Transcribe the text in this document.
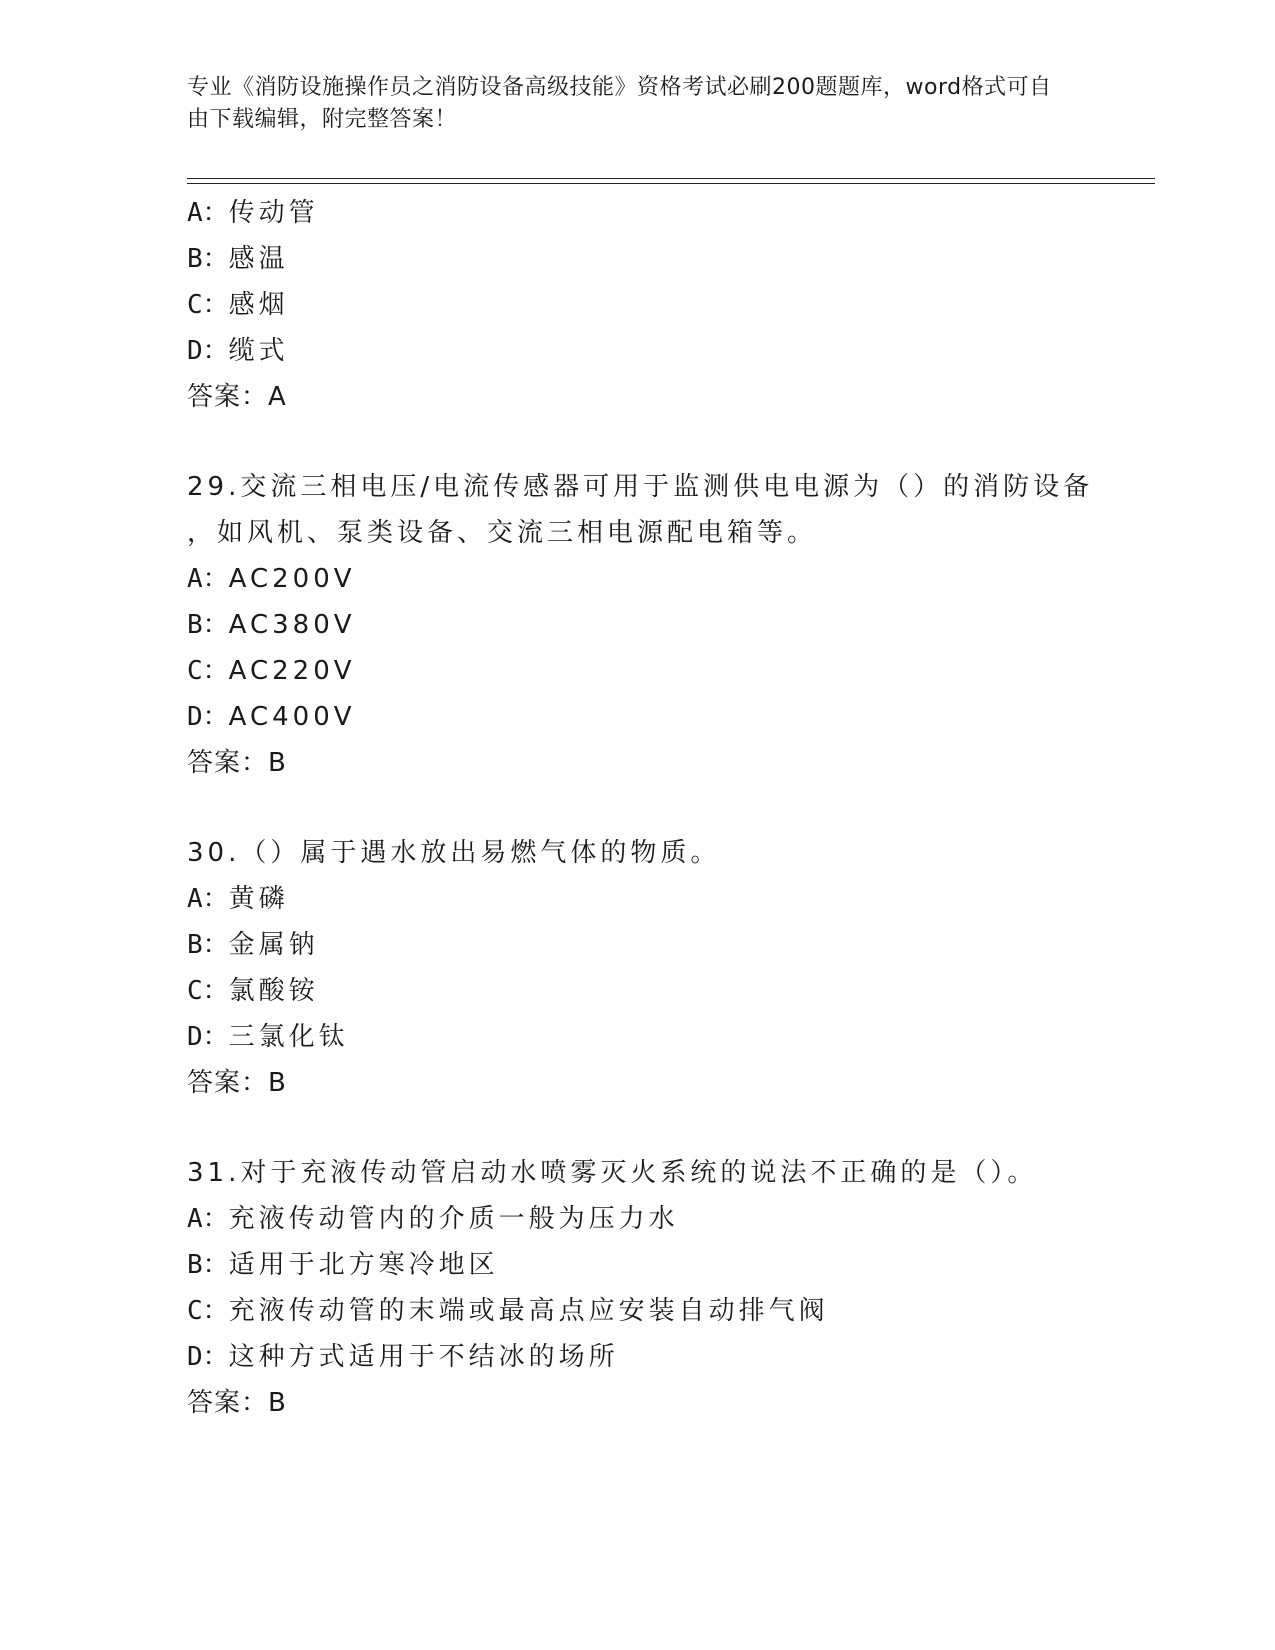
专业《消防设施操作员之消防设备高级技能》资格考试必刷200题题库，word格式可自由下载编辑，附完整答案！
A：传动管
B：感温
C：感烟
D：缆式
答案：A
29.交流三相电压/电流传感器可用于监测供电电源为（）的消防设备
，如风机、泵类设备、交流三相电源配电箱等。
A：AC200V
B：AC380V
C：AC220V
D：AC400V
答案：B
30.（）属于遇水放出易燃气体的物质。
A：黄磷
B：金属钠
C：氯酸铵
D：三氯化钛
答案：B
31.对于充液传动管启动水喷雾灭火系统的说法不正确的是（）。
A：充液传动管内的介质一般为压力水
B：适用于北方寒冷地区
C：充液传动管的末端或最高点应安装自动排气阀
D：这种方式适用于不结冰的场所
答案：B
